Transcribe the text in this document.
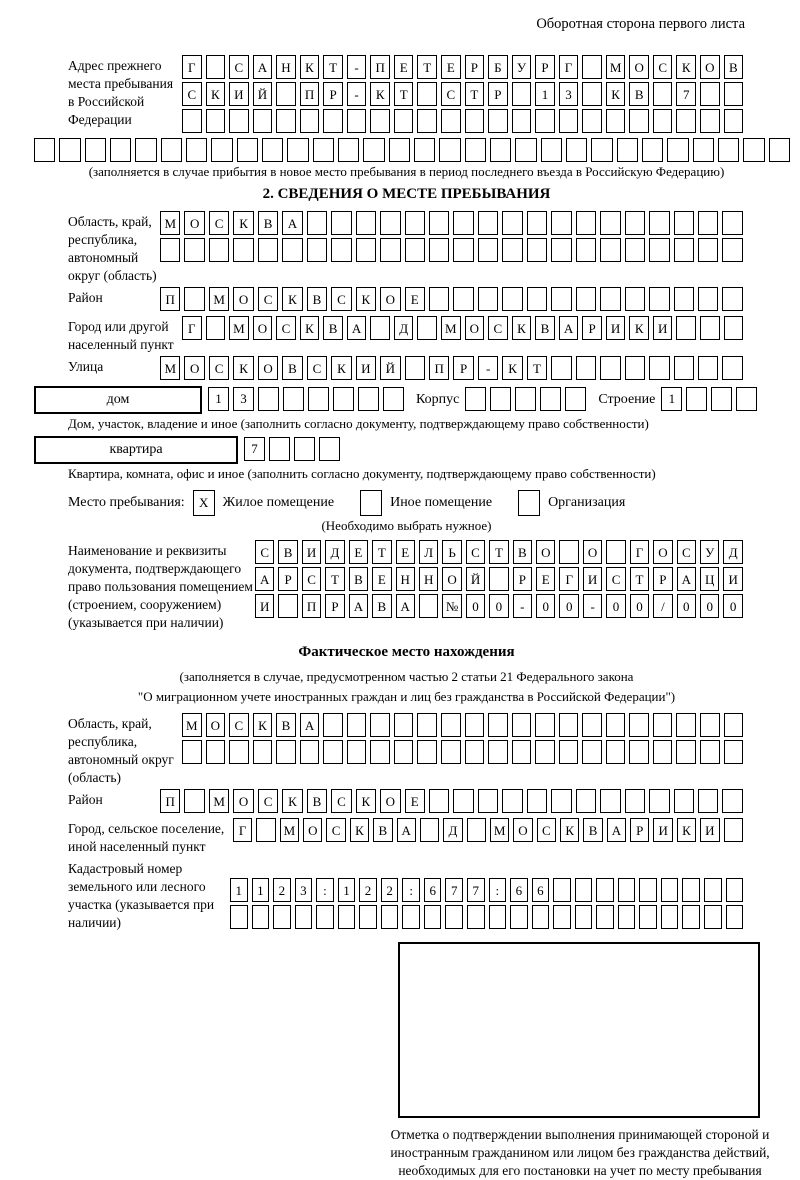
Оборотная сторона первого листа
Адрес прежнего места пребывания в Российской Федерации
Г	С	А	Н	К	Т	-	П	Е	Т	Е	Р	Б	У	Р	Г	М	О	С	К	О	В
С	К	И	Й	П	Р	-	К	Т	С	Т	Р	1	3	К	В	7
(заполняется в случае прибытия в новое место пребывания в период последнего въезда в Российскую Федерацию)
2. СВЕДЕНИЯ О МЕСТЕ ПРЕБЫВАНИЯ
Область, край, республика, автономный округ (область)
М	О	С	К	В	А
Район	П	М	О	С	К	В	С	К	О	Е
Город или другой населенный пункт
Г	М	О	С	К	В	А	Д	М	О	С	К	В	А	Р	И	К	И
Улица	М	О	С	К	О	В	С	К	И	Й	П	Р	-	К	Т
дом	1	3	Корпус	Строение	1
Дом, участок, владение и иное (заполнить согласно документу, подтверждающему право собственности)
квартира	7
Квартира, комната, офис и иное (заполнить согласно документу, подтверждающему право собственности)
Место пребывания:	X	Жилое помещение	Иное помещение	Организация
(Необходимо выбрать нужное)
Наименование и реквизиты документа, подтверждающего право пользования помещением (строением, сооружением) (указывается при наличии)
С	В	И	Д	Е	Т	Е	Л	Ь	С	Т	В	О	О	Г	О	С	У	Д
А	Р	С	Т	В	Е	Н	Н	О	Й	Р	Е	Г	И	С	Т	Р	А	Ц	И
И	П	Р	А	В	А	№	0	0	-	0	0	-	0	0	/	0	0	0
Фактическое место нахождения
(заполняется в случае, предусмотренном частью 2 статьи 21 Федерального закона
"О миграционном учете иностранных граждан и лиц без гражданства в Российской Федерации")
Область, край, республика, автономный округ (область)
М	О	С	К	В	А
Район	П	М	О	С	К	В	С	К	О	Е
Город, сельское поселение, иной населенный пункт
Г	М О	С	К	В	А	Д	М О	С	К	В	А	Р	И	К	И
Кадастровый номер земельного или лесного участка (указывается при наличии)
1	1	2	3	:	1	2	2	:	6	7	7	:	6	6
Отметка о подтверждении выполнения принимающей стороной и иностранным гражданином или лицом без гражданства действий, необходимых для его постановки на учет по месту пребывания
